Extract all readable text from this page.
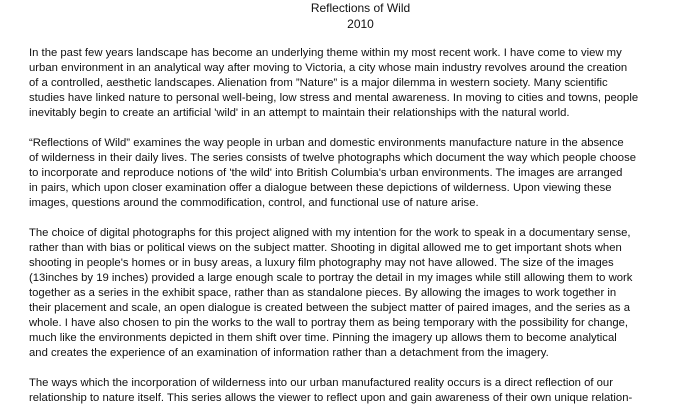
Reflections of Wild
2010
In the past few years landscape has become an underlying theme within my most recent work. I have come to view my
urban environment in an analytical way after moving to Victoria, a city whose main industry revolves around the creation
of a controlled, aesthetic landscapes. Alienation from ”Nature” is a major dilemma in western society. Many scientific
studies have linked nature to personal well-being, low stress and mental awareness. In moving to cities and towns, people
inevitably begin to create an artificial 'wild' in an attempt to maintain their relationships with the natural world.
“Reflections of Wild” examines the way people in urban and domestic environments manufacture nature in the absence
of wilderness in their daily lives. The series consists of twelve photographs which document the way which people choose
to incorporate and reproduce notions of 'the wild' into British Columbia's urban environments. The images are arranged
in pairs, which upon closer examination offer a dialogue between these depictions of wilderness. Upon viewing these
images, questions around the commodification, control, and functional use of nature arise.
The choice of digital photographs for this project aligned with my intention for the work to speak in a documentary sense,
rather than with bias or political views on the subject matter. Shooting in digital allowed me to get important shots when
shooting in people's homes or in busy areas, a luxury film photography may not have allowed. The size of the images
(13inches by 19 inches) provided a large enough scale to portray the detail in my images while still allowing them to work
together as a series in the exhibit space, rather than as standalone pieces. By allowing the images to work together in
their placement and scale, an open dialogue is created between the subject matter of paired images, and the series as a
whole. I have also chosen to pin the works to the wall to portray them as being temporary with the possibility for change,
much like the environments depicted in them shift over time. Pinning the imagery up allows them to become analytical
and creates the experience of an examination of information rather than a detachment from the imagery.
The ways which the incorporation of wilderness into our urban manufactured reality occurs is a direct reflection of our
relationship to nature itself. This series allows the viewer to reflect upon and gain awareness of their own unique relation-
